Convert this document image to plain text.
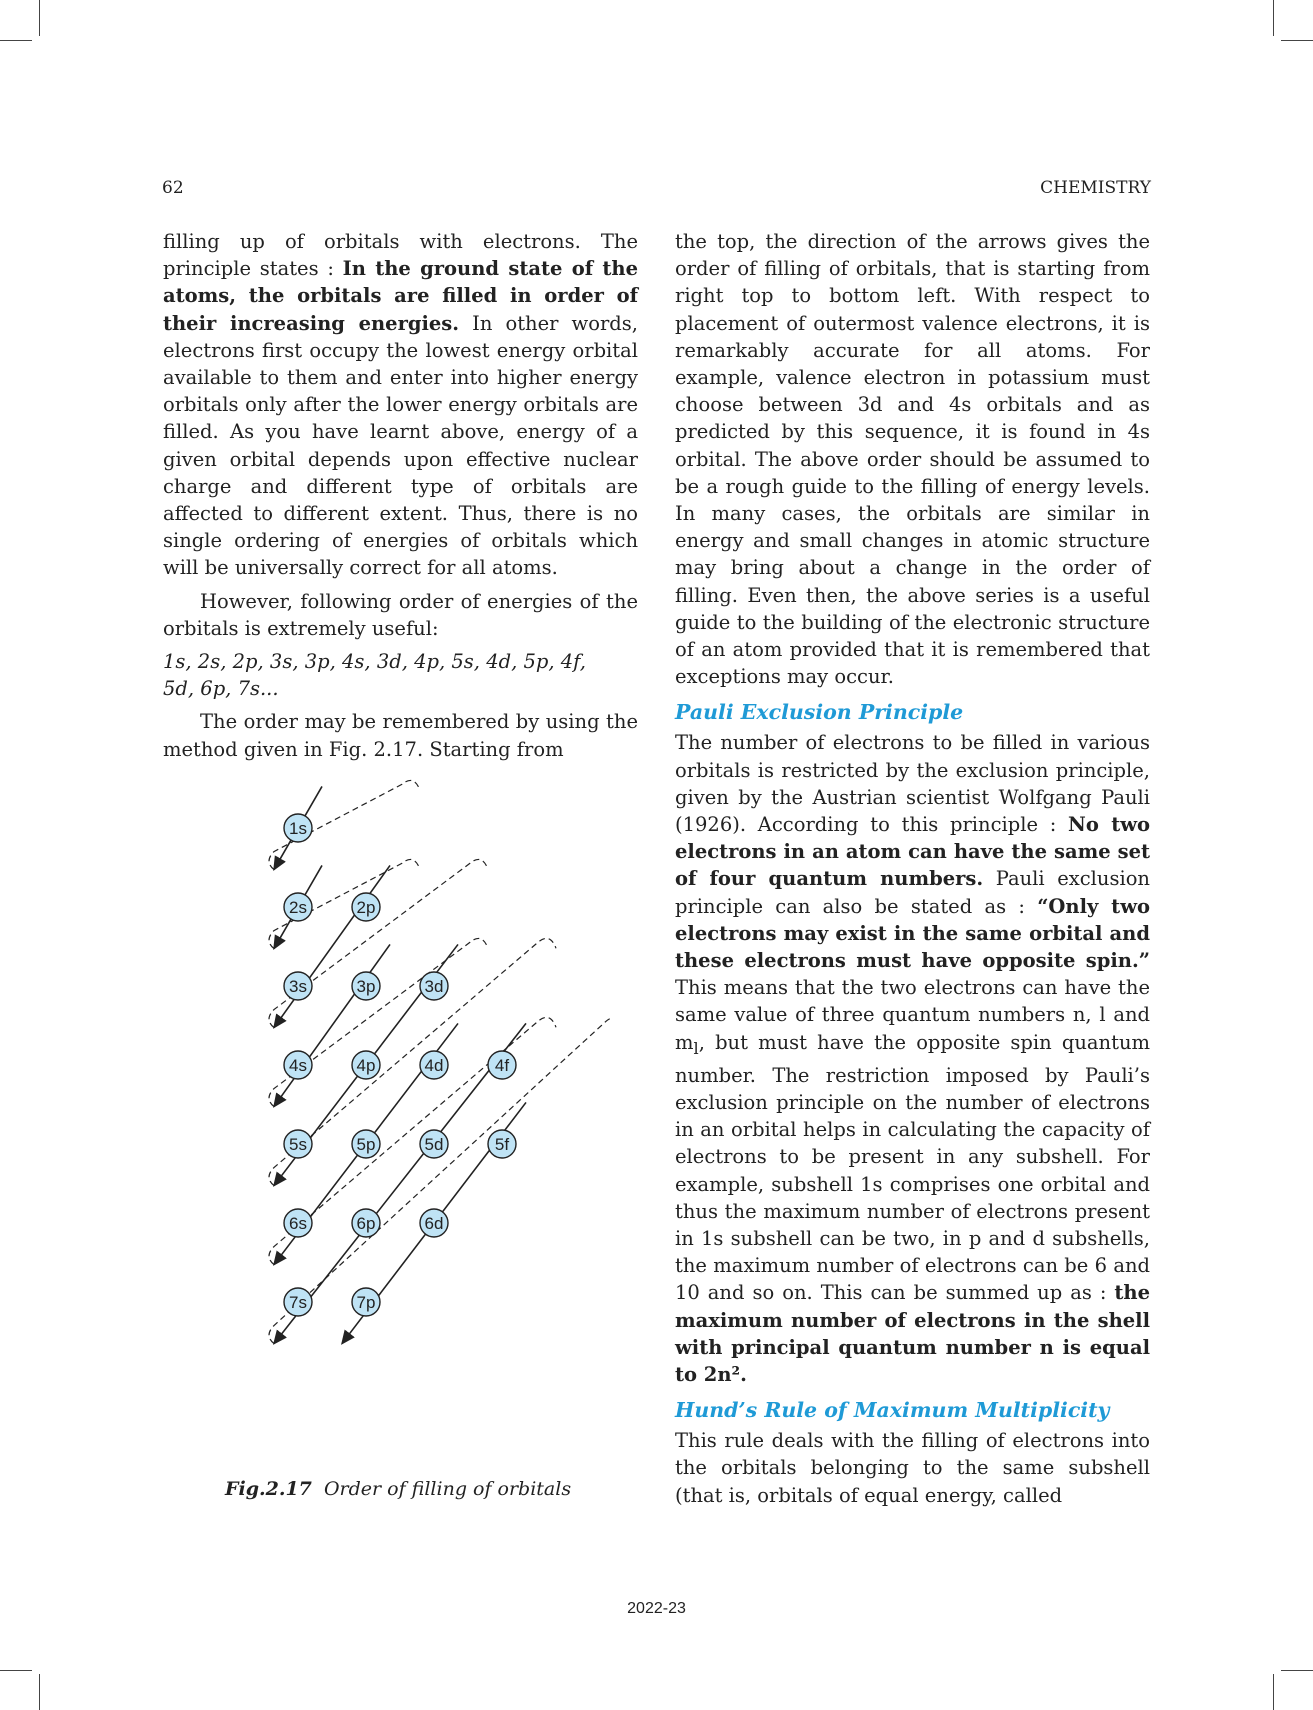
62	CHEMISTRY

filling up of orbitals with electrons. The principle states : In the ground state of the atoms, the orbitals are filled in order of their increasing energies. In other words, electrons first occupy the lowest energy orbital available to them and enter into higher energy orbitals only after the lower energy orbitals are filled. As you have learnt above, energy of a given orbital depends upon effective nuclear charge and different type of orbitals are affected to different extent. Thus, there is no single ordering of energies of orbitals which will be universally correct for all atoms.

However, following order of energies of the orbitals is extremely useful:

1s, 2s, 2p, 3s, 3p, 4s, 3d, 4p, 5s, 4d, 5p, 4f,
5d, 6p, 7s...

The order may be remembered by using the method given in Fig. 2.17. Starting from

1s
2s	2p
3s	3p	3d
4s	4p	4d	4f
5s	5p	5d	5f
6s	6p	6d
7s	7p
Fig.2.17 Order of filling of orbitals

the top, the direction of the arrows gives the order of filling of orbitals, that is starting from right top to bottom left. With respect to placement of outermost valence electrons, it is remarkably accurate for all atoms. For example, valence electron in potassium must choose between 3d and 4s orbitals and as predicted by this sequence, it is found in 4s orbital. The above order should be assumed to be a rough guide to the filling of energy levels. In many cases, the orbitals are similar in energy and small changes in atomic structure may bring about a change in the order of filling. Even then, the above series is a useful guide to the building of the electronic structure of an atom provided that it is remembered that exceptions may occur.

Pauli Exclusion Principle

The number of electrons to be filled in various orbitals is restricted by the exclusion principle, given by the Austrian scientist Wolfgang Pauli (1926). According to this principle : No two electrons in an atom can have the same set of four quantum numbers. Pauli exclusion principle can also be stated as : “Only two electrons may exist in the same orbital and these electrons must have opposite spin.” This means that the two electrons can have the same value of three quantum numbers n, l and $m_l$, but must have the opposite spin quantum number. The restriction imposed by Pauli’s exclusion principle on the number of electrons in an orbital helps in calculating the capacity of electrons to be present in any subshell. For example, subshell 1s comprises one orbital and thus the maximum number of electrons present in 1s subshell can be two, in p and d subshells, the maximum number of electrons can be 6 and 10 and so on. This can be summed up as : the maximum number of electrons in the shell with principal quantum number n is equal to 2n².

Hund’s Rule of Maximum Multiplicity

This rule deals with the filling of electrons into the orbitals belonging to the same subshell (that is, orbitals of equal energy, called

2022-23
